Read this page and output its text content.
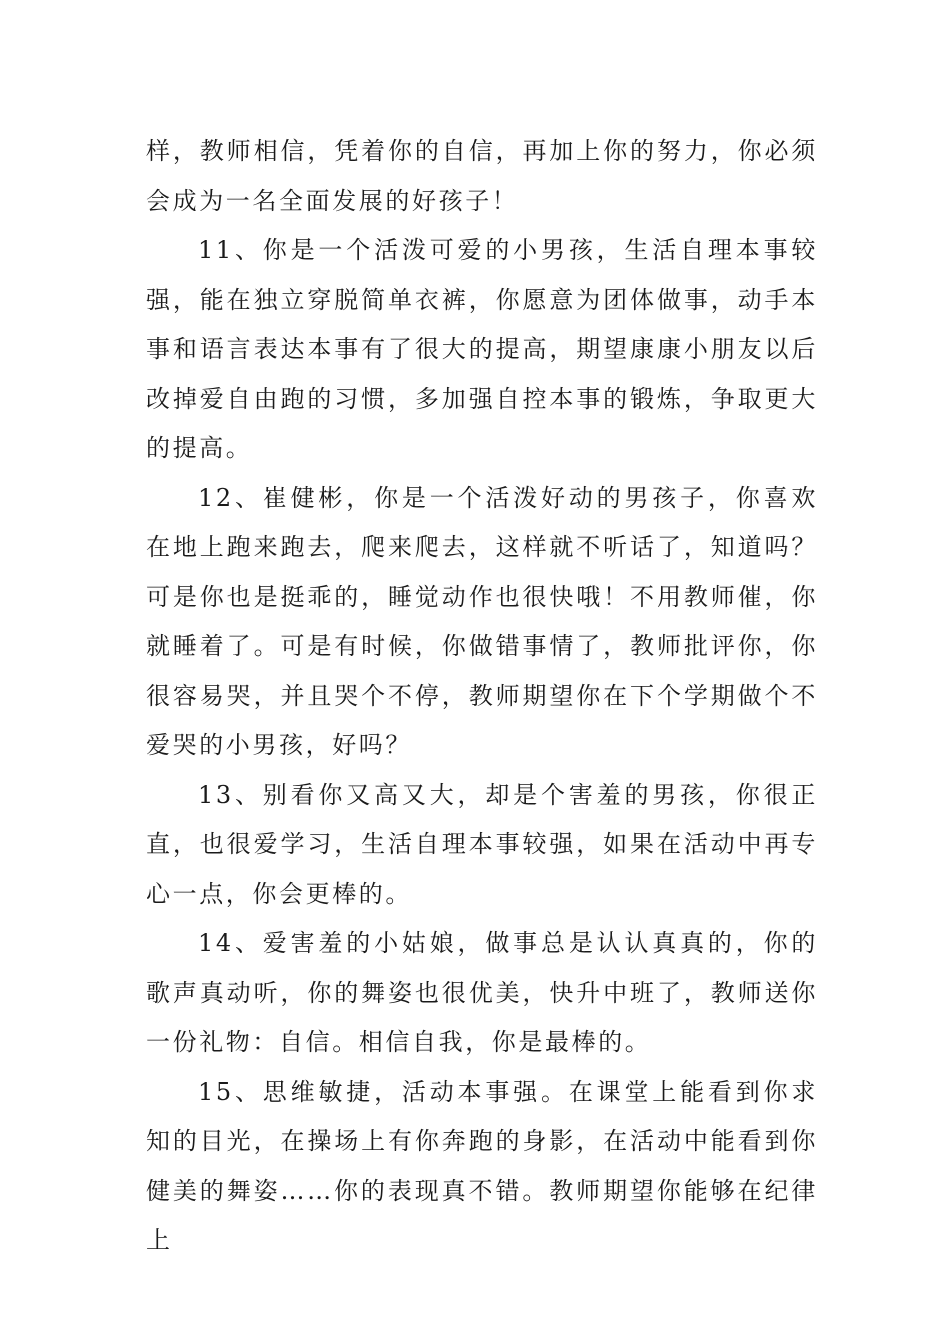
样，教师相信，凭着你的自信，再加上你的努力，你必须会成为一名全面发展的好孩子！

11、你是一个活泼可爱的小男孩，生活自理本事较强，能在独立穿脱简单衣裤，你愿意为团体做事，动手本事和语言表达本事有了很大的提高，期望康康小朋友以后改掉爱自由跑的习惯，多加强自控本事的锻炼，争取更大的提高。

12、崔健彬，你是一个活泼好动的男孩子，你喜欢在地上跑来跑去，爬来爬去，这样就不听话了，知道吗？可是你也是挺乖的，睡觉动作也很快哦！不用教师催，你就睡着了。可是有时候，你做错事情了，教师批评你，你很容易哭，并且哭个不停，教师期望你在下个学期做个不爱哭的小男孩，好吗？

13、别看你又高又大，却是个害羞的男孩，你很正直，也很爱学习，生活自理本事较强，如果在活动中再专心一点，你会更棒的。

14、爱害羞的小姑娘，做事总是认认真真的，你的歌声真动听，你的舞姿也很优美，快升中班了，教师送你一份礼物：自信。相信自我，你是最棒的。

15、思维敏捷，活动本事强。在课堂上能看到你求知的目光，在操场上有你奔跑的身影，在活动中能看到你健美的舞姿……你的表现真不错。教师期望你能够在纪律上
